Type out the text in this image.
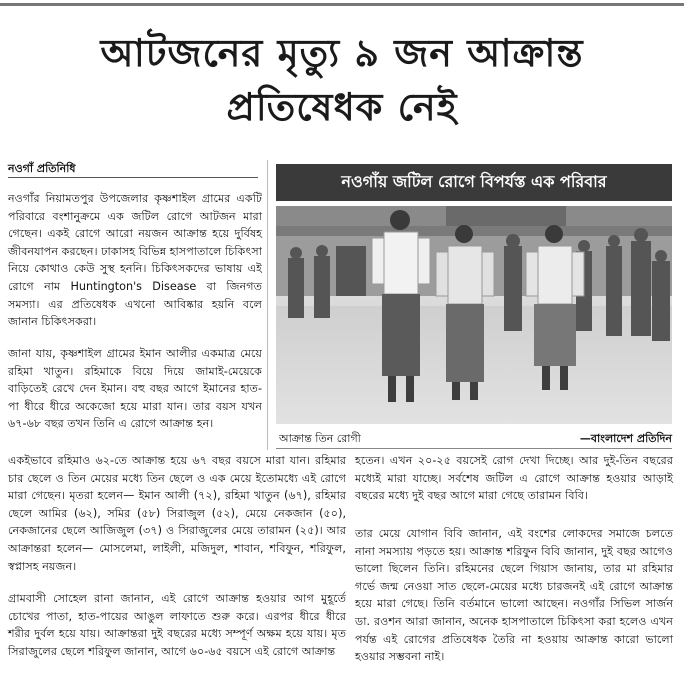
আটজনের মৃত্যু ৯ জন আক্রান্ত
প্রতিষেধক নেই
নওগাঁ প্রতিনিধি

নওগাঁর নিয়ামতপুর উপজেলার কৃষ্ণশাইল গ্রামের একটি পরিবারে বংশানুক্রমে এক জটিল রোগে আটজন মারা গেছেন। একই রোগে আরো নয়জন আক্রান্ত হয়ে দুর্বিষহ জীবনযাপন করছেন। ঢাকাসহ বিভিন্ন হাসপাতালে চিকিৎসা নিয়ে কোথাও কেউ সুস্থ হননি। চিকিৎসকদের ভাষায় এই রোগে নাম Huntington's Disease বা জিনগত সমস্যা। এর প্রতিষেধক এখনো আবিষ্কার হয়নি বলে জানান চিকিৎসকরা।

জানা যায়, কৃষ্ণশাইল গ্রামের ইমান আলীর একমাত্র মেয়ে রহিমা খাতুন। রহিমাকে বিয়ে দিয়ে জামাই-মেয়েকে বাড়িতেই রেখে দেন ইমান। বহু বছর আগে ইমানের হাত-পা ধীরে ধীরে অকেজো হয়ে মারা যান। তার বয়স যখন ৬৭-৬৮ বছর তখন তিনি এ রোগে আক্রান্ত হন।

একইভাবে রহিমাও ৬২-তে আক্রান্ত হয়ে ৬৭ বছর বয়সে মারা যান। রহিমার চার ছেলে ও তিন মেয়ের মধ্যে তিন ছেলে ও এক মেয়ে ইতোমধ্যে এই রোগে মারা গেছেন। মৃতরা হলেন— ইমান আলী (৭২), রহিমা খাতুন (৬৭), রহিমার ছেলে আমির (৬২), সমির (৫৮) সিরাজুল (৫২), মেয়ে নেকজান (৫০), নেকজানের ছেলে আজিজুল (৩৭) ও সিরাজুলের মেয়ে তারামন (২৫)। আর আক্রান্তরা হলেন— মোসলেমা, লাইলী, মজিদুল, শাবান, শবিফুন, শরিফুল, স্বপ্নাসহ নয়জন।

গ্রামবাসী সোহেল রানা জানান, এই রোগে আক্রান্ত হওয়ার আগ মুহূর্তে চোখের পাতা, হাত-পায়ের আঙুল লাফাতে শুরু করে। এরপর ধীরে ধীরে শরীর দুর্বল হয়ে যায়। আক্রান্তরা দুই বছরের মধ্যে সম্পূর্ণ অক্ষম হয়ে যায়। মৃত সিরাজুলের ছেলে শরিফুল জানান, আগে ৬০-৬৫ বয়সে এই রোগে আক্রান্ত

হতেন। এখন ২০-২৫ বয়সেই রোগ দেখা দিচ্ছে। আর দুই-তিন বছরের মধ্যেই মারা যাচ্ছে। সর্বশেষ জটিল এ রোগে আক্রান্ত হওয়ার আড়াই বছরের মধ্যে দুই বছর আগে মারা গেছে তারামন বিবি।

তার মেয়ে যোগান বিবি জানান, এই বংশের লোকদের সমাজে চলতে নানা সমস্যায় পড়তে হয়। আক্রান্ত শরিফুন বিবি জানান, দুই বছর আগেও ভালো ছিলেন তিনি। রহিমনের ছেলে গিয়াস জানায়, তার মা রহিমার গর্ভে জন্ম নেওয়া সাত ছেলে-মেয়ের মধ্যে চারজনই এই রোগে আক্রান্ত হয়ে মারা গেছে। তিনি বর্তমানে ভালো আছেন। নওগাঁর সিভিল সার্জন ডা. রওশন আরা জানান, অনেক হাসপাতালে চিকিৎসা করা হলেও এখন পর্যন্ত এই রোগের প্রতিষেধক তৈরি না হওয়ায় আক্রান্ত কারো ভালো হওয়ার সম্ভবনা নাই।

নওগাঁয় জটিল রোগে বিপর্যস্ত এক পরিবার
আক্রান্ত তিন রোগী	—বাংলাদেশ প্রতিদিন
